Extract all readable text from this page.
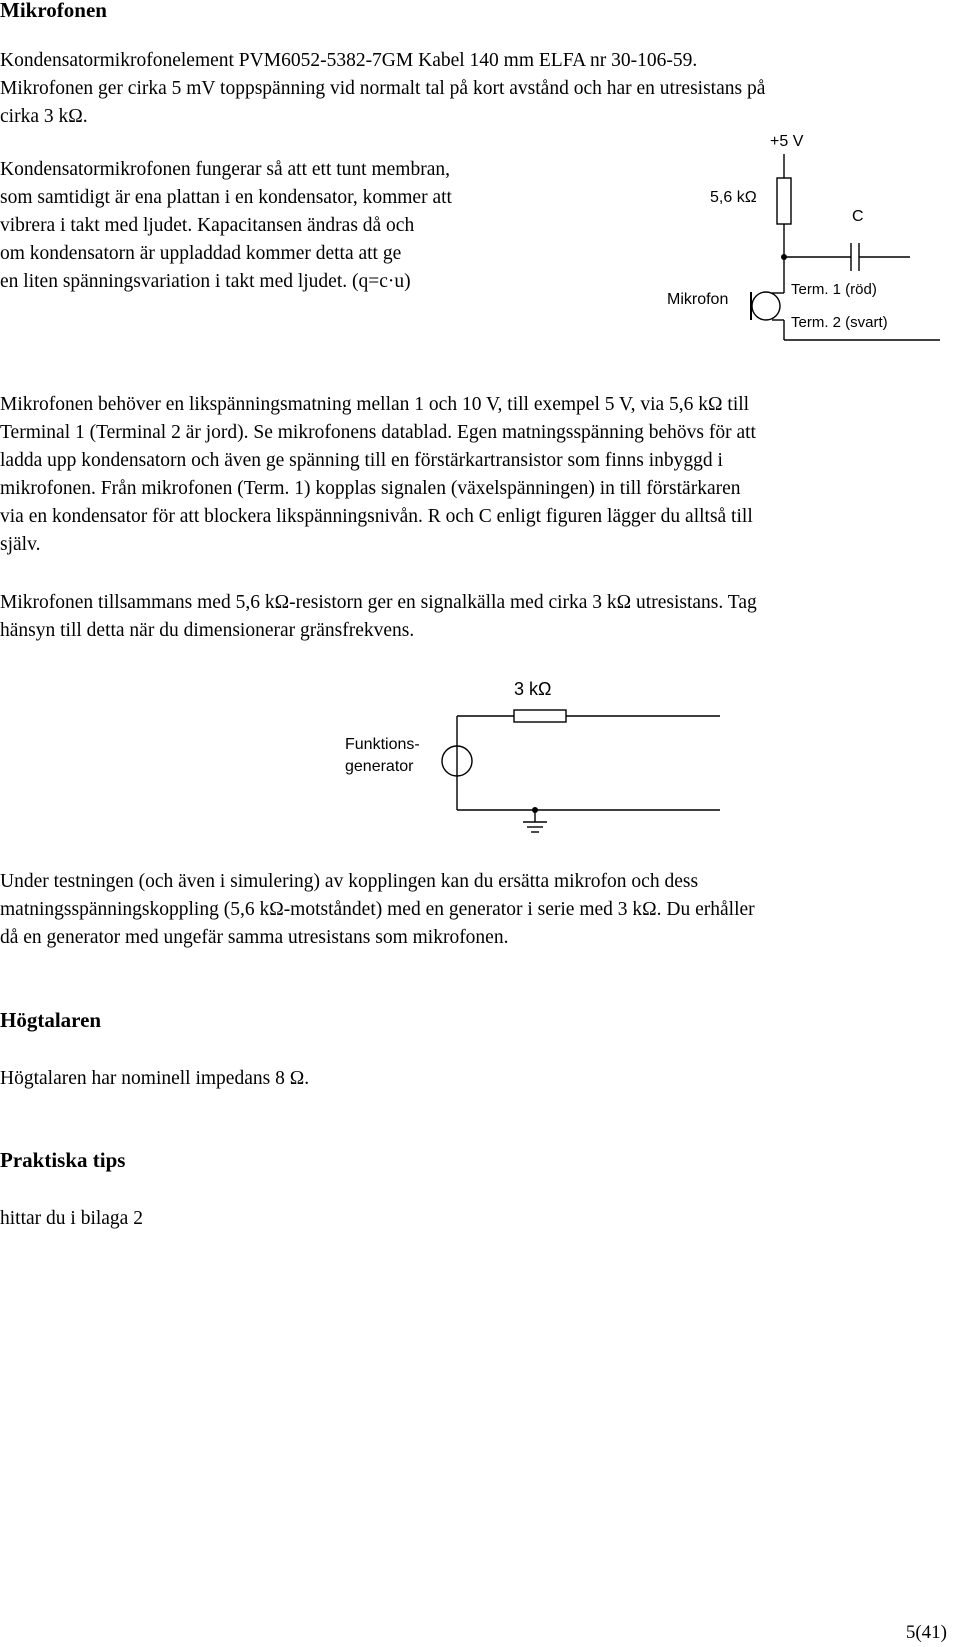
Mikrofonen
Kondensatormikrofonelement PVM6052-5382-7GM Kabel 140 mm ELFA nr 30-106-59.
Mikrofonen ger cirka 5 mV toppspänning vid normalt tal på kort avstånd och har en utresistans på
cirka 3 kΩ.
Kondensatormikrofonen fungerar så att ett tunt membran,
som samtidigt är ena plattan i en kondensator, kommer att
vibrera i takt med ljudet. Kapacitansen ändras då och
om kondensatorn är uppladdad kommer detta att ge
en liten spänningsvariation i takt med ljudet. (q=c·u)
+5 V
5,6 kΩ
C
Mikrofon
Term. 1 (röd)
Term. 2 (svart)
Mikrofonen behöver en likspänningsmatning mellan 1 och 10 V, till exempel 5 V, via 5,6 kΩ till
Terminal 1 (Terminal 2 är jord). Se mikrofonens datablad. Egen matningsspänning behövs för att
ladda upp kondensatorn och även ge spänning till en förstärkartransistor som finns inbyggd i
mikrofonen. Från mikrofonen (Term. 1) kopplas signalen (växelspänningen) in till förstärkaren
via en kondensator för att blockera likspänningsnivån. R och C enligt figuren lägger du alltså till
själv.
Mikrofonen tillsammans med 5,6 kΩ-resistorn ger en signalkälla med cirka 3 kΩ utresistans. Tag
hänsyn till detta när du dimensionerar gränsfrekvens.
3 kΩ
Funktions-
generator
Under testningen (och även i simulering) av kopplingen kan du ersätta mikrofon och dess
matningsspänningskoppling (5,6 kΩ-motståndet) med en generator i serie med 3 kΩ. Du erhåller
då en generator med ungefär samma utresistans som mikrofonen.
Högtalaren
Högtalaren har nominell impedans 8 Ω.
Praktiska tips
hittar du i bilaga 2
5(41)
